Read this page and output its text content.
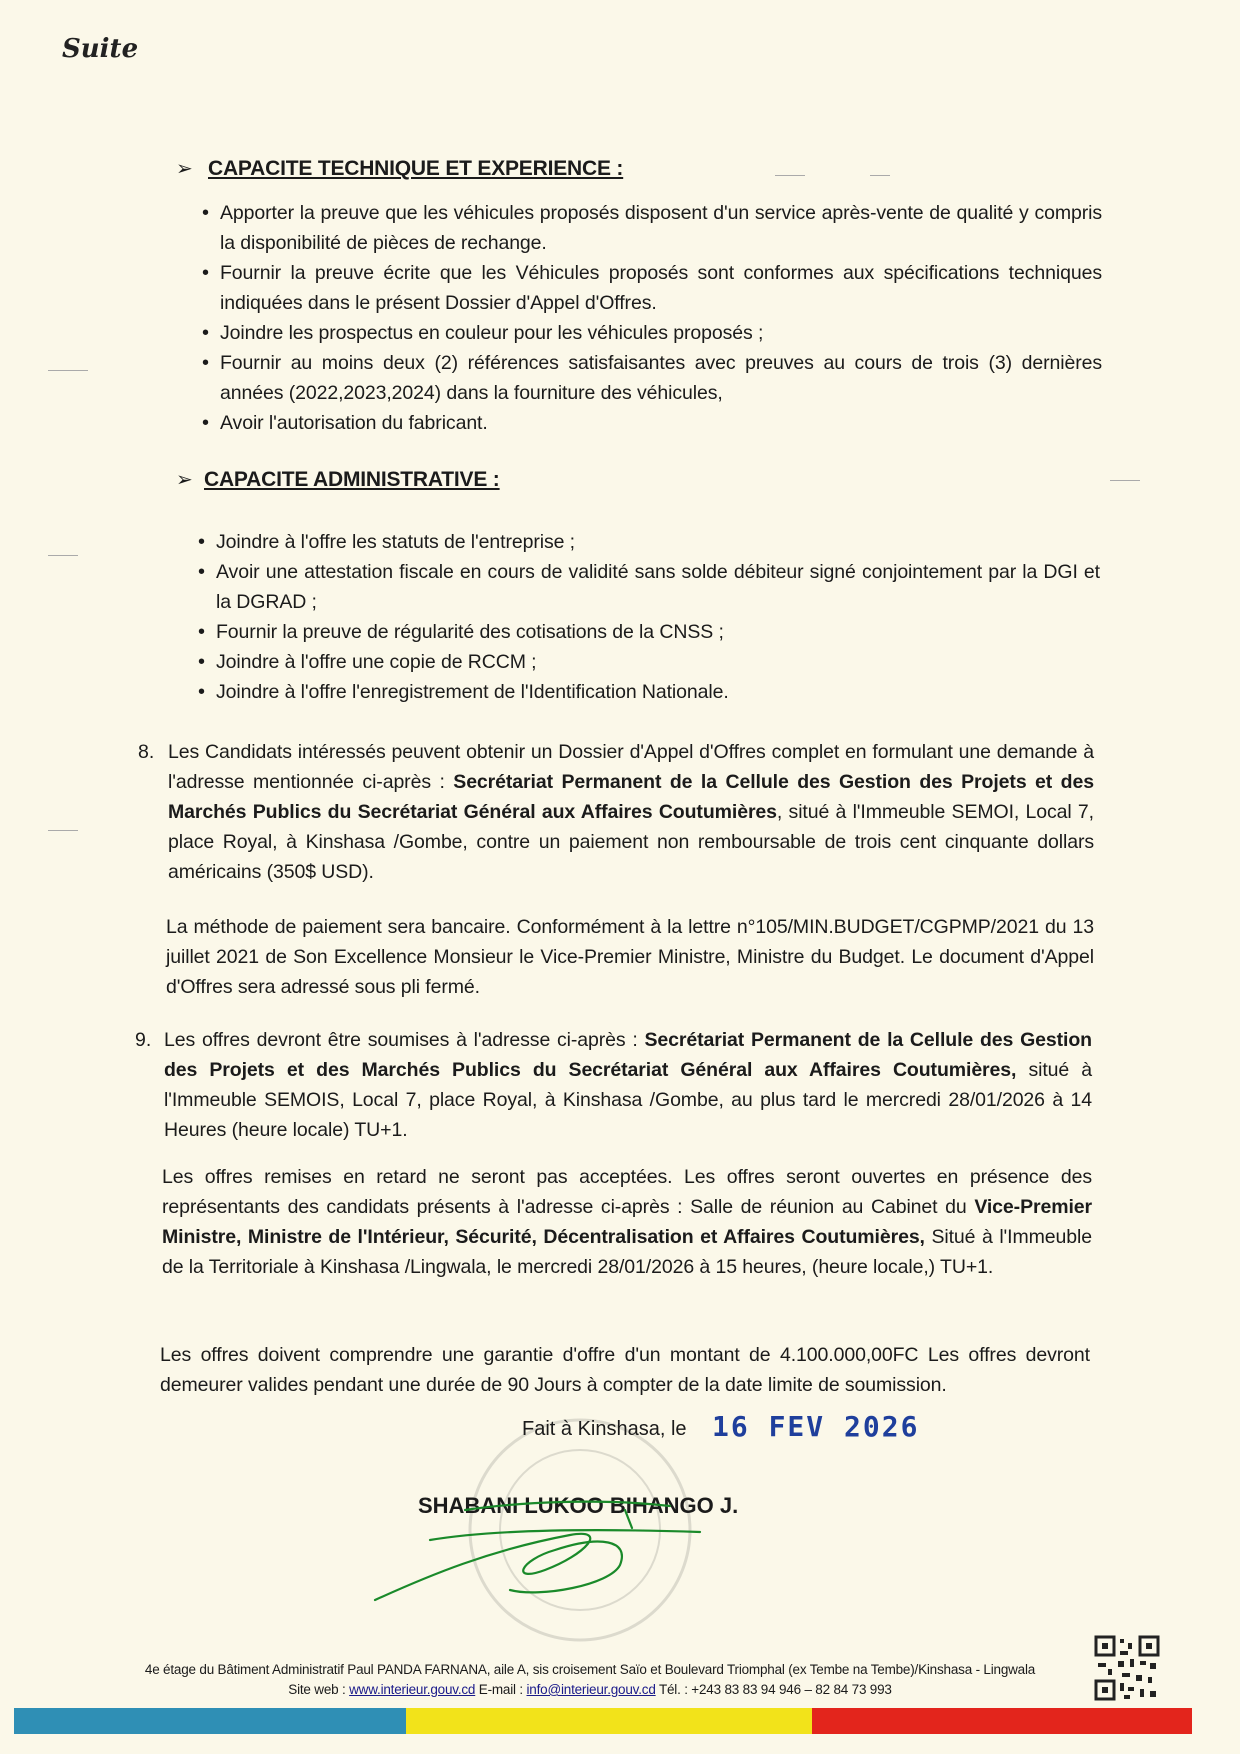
Suite
➢ CAPACITE TECHNIQUE ET EXPERIENCE :
• Apporter la preuve que les véhicules proposés disposent d'un service après-vente de qualité y compris la disponibilité de pièces de rechange.
• Fournir la preuve écrite que les Véhicules proposés sont conformes aux spécifications techniques indiquées dans le présent Dossier d'Appel d'Offres.
• Joindre les prospectus en couleur pour les véhicules proposés ;
• Fournir au moins deux (2) références satisfaisantes avec preuves au cours de trois (3) dernières années (2022,2023,2024) dans la fourniture des véhicules,
• Avoir l'autorisation du fabricant.
➢ CAPACITE ADMINISTRATIVE :
• Joindre à l'offre les statuts de l'entreprise ;
• Avoir une attestation fiscale en cours de validité sans solde débiteur signé conjointement par la DGI et la DGRAD ;
• Fournir la preuve de régularité des cotisations de la CNSS ;
• Joindre à l'offre une copie de RCCM ;
• Joindre à l'offre l'enregistrement de l'Identification Nationale.
8. Les Candidats intéressés peuvent obtenir un Dossier d'Appel d'Offres complet en formulant une demande à l'adresse mentionnée ci-après : Secrétariat Permanent de la Cellule des Gestion des Projets et des Marchés Publics du Secrétariat Général aux Affaires Coutumières, situé à l'Immeuble SEMOI, Local 7, place Royal, à Kinshasa /Gombe, contre un paiement non remboursable de trois cent cinquante dollars américains (350$ USD).

La méthode de paiement sera bancaire. Conformément à la lettre n°105/MIN.BUDGET/CGPMP/2021 du 13 juillet 2021 de Son Excellence Monsieur le Vice-Premier Ministre, Ministre du Budget. Le document d'Appel d'Offres sera adressé sous pli fermé.

9. Les offres devront être soumises à l'adresse ci-après : Secrétariat Permanent de la Cellule des Gestion des Projets et des Marchés Publics du Secrétariat Général aux Affaires Coutumières, situé à l'Immeuble SEMOIS, Local 7, place Royal, à Kinshasa /Gombe, au plus tard le mercredi 28/01/2026 à 14 Heures (heure locale) TU+1.

Les offres remises en retard ne seront pas acceptées. Les offres seront ouvertes en présence des représentants des candidats présents à l'adresse ci-après : Salle de réunion au Cabinet du Vice-Premier Ministre, Ministre de l'Intérieur, Sécurité, Décentralisation et Affaires Coutumières, Situé à l'Immeuble de la Territoriale à Kinshasa /Lingwala, le mercredi 28/01/2026 à 15 heures, (heure locale,) TU+1.

Les offres doivent comprendre une garantie d'offre d'un montant de 4.100.000,00FC Les offres devront demeurer valides pendant une durée de 90 Jours à compter de la date limite de soumission.

Fait à Kinshasa, le 16 FEV 2026
SHABANI LUKOO BIHANGO J.
4e étage du Bâtiment Administratif Paul PANDA FARNANA, aile A, sis croisement Saïo et Boulevard Triomphal (ex Tembe na Tembe)/Kinshasa - Lingwala
Site web : www.interieur.gouv.cd E-mail : info@interieur.gouv.cd Tél. : +243 83 83 94 946 – 82 84 73 993
